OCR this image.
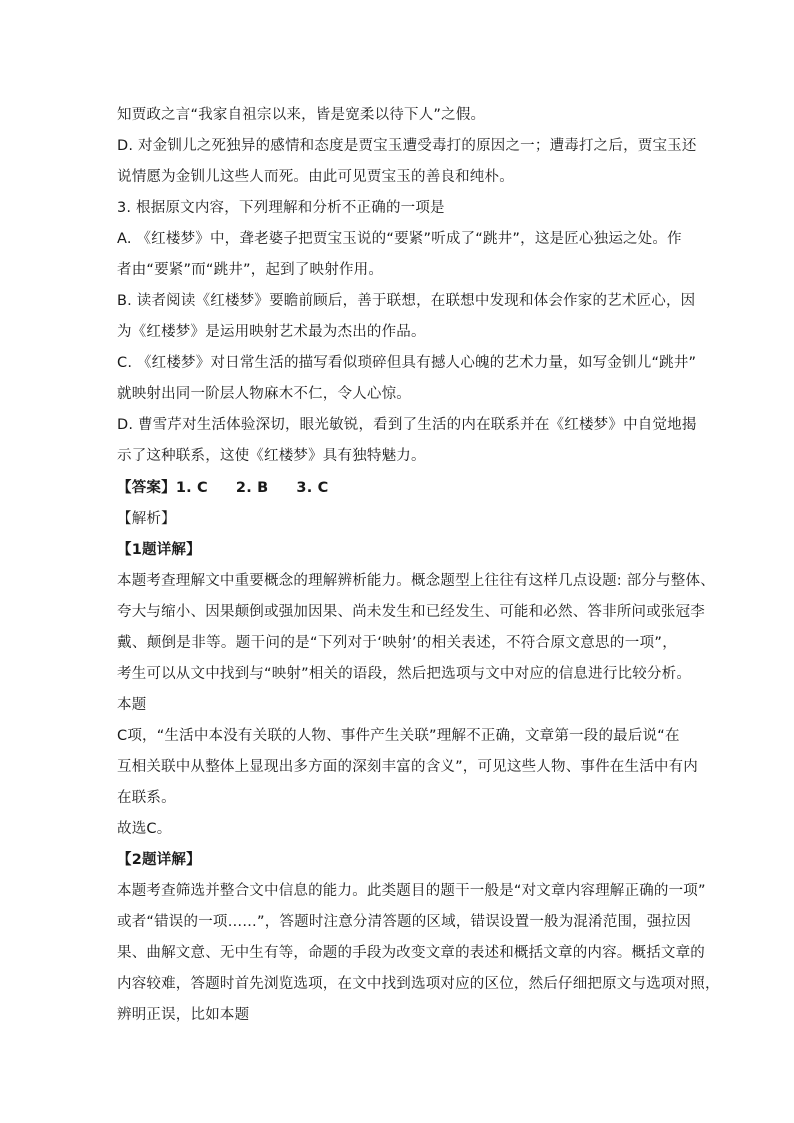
知贾政之言“我家自祖宗以来，皆是宽柔以待下人”之假。
D. 对金钏儿之死独异的感情和态度是贾宝玉遭受毒打的原因之一；遭毒打之后，贾宝玉还
说情愿为金钏儿这些人而死。由此可见贾宝玉的善良和纯朴。
3. 根据原文内容，下列理解和分析不正确的一项是
A. 《红楼梦》中，聋老婆子把贾宝玉说的“要紧”听成了“跳井”，这是匠心独运之处。作
者由“要紧”而“跳井”，起到了映射作用。
B. 读者阅读《红楼梦》要瞻前顾后，善于联想，在联想中发现和体会作家的艺术匠心，因
为《红楼梦》是运用映射艺术最为杰出的作品。
C. 《红楼梦》对日常生活的描写看似琐碎但具有撼人心魄的艺术力量，如写金钏儿“跳井”
就映射出同一阶层人物麻木不仁，令人心惊。
D. 曹雪芹对生活体验深切，眼光敏锐，看到了生活的内在联系并在《红楼梦》中自觉地揭
示了这种联系，这使《红楼梦》具有独特魅力。
【答案】1. C 2. B 3. C
【解析】
【1题详解】
本题考查理解文中重要概念的理解辨析能力。概念题型上往往有这样几点设题: 部分与整体、
夸大与缩小、因果颠倒或强加因果、尚未发生和已经发生、可能和必然、答非所问或张冠李
戴、颠倒是非等。题干问的是“下列对于‘映射’的相关表述，不符合原文意思的一项”，
考生可以从文中找到与“映射”相关的语段，然后把选项与文中对应的信息进行比较分析。
本题
C项，“生活中本没有关联的人物、事件产生关联”理解不正确，文章第一段的最后说“在
互相关联中从整体上显现出多方面的深刻丰富的含义”，可见这些人物、事件在生活中有内
在联系。
故选C。
【2题详解】
本题考查筛选并整合文中信息的能力。此类题目的题干一般是“对文章内容理解正确的一项”
或者“错误的一项……”，答题时注意分清答题的区域，错误设置一般为混淆范围，强拉因
果、曲解文意、无中生有等，命题的手段为改变文章的表述和概括文章的内容。概括文章的
内容较难，答题时首先浏览选项，在文中找到选项对应的区位，然后仔细把原文与选项对照，
辨明正误，比如本题
